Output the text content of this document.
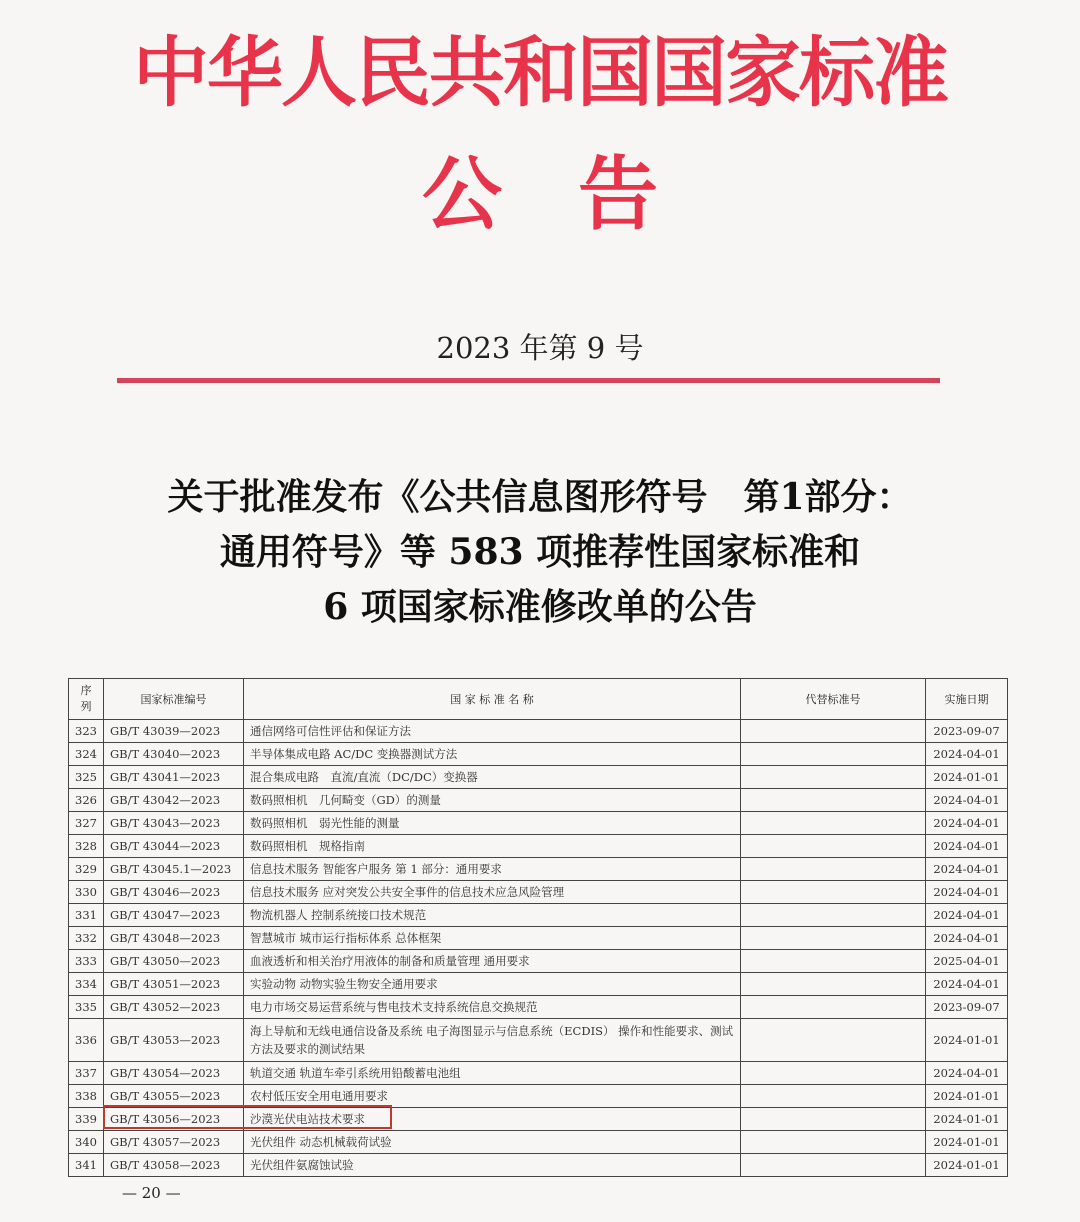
中华人民共和国国家标准
公告
2023 年第 9 号
关于批准发布《公共信息图形符号　第1部分：
通用符号》等 583 项推荐性国家标准和
6 项国家标准修改单的公告
序
列	国家标准编号	国 家 标 准 名 称	代替标准号	实施日期
323	GB/T 43039—2023	通信网络可信性评估和保证方法		2023-09-07
324	GB/T 43040—2023	半导体集成电路 AC/DC 变换器测试方法		2024-04-01
325	GB/T 43041—2023	混合集成电路　直流/直流（DC/DC）变换器		2024-01-01
326	GB/T 43042—2023	数码照相机　几何畸变（GD）的测量		2024-04-01
327	GB/T 43043—2023	数码照相机　弱光性能的测量		2024-04-01
328	GB/T 43044—2023	数码照相机　规格指南		2024-04-01
329	GB/T 43045.1—2023	信息技术服务 智能客户服务 第 1 部分：通用要求		2024-04-01
330	GB/T 43046—2023	信息技术服务 应对突发公共安全事件的信息技术应急风险管理		2024-04-01
331	GB/T 43047—2023	物流机器人 控制系统接口技术规范		2024-04-01
332	GB/T 43048—2023	智慧城市 城市运行指标体系 总体框架		2024-04-01
333	GB/T 43050—2023	血液透析和相关治疗用液体的制备和质量管理 通用要求		2025-04-01
334	GB/T 43051—2023	实验动物 动物实验生物安全通用要求		2024-04-01
335	GB/T 43052—2023	电力市场交易运营系统与售电技术支持系统信息交换规范		2023-09-07
336	GB/T 43053—2023	海上导航和无线电通信设备及系统 电子海图显示与信息系统（ECDIS） 操作和性能要求、测试方法及要求的测试结果		2024-01-01
337	GB/T 43054—2023	轨道交通 轨道车牵引系统用铅酸蓄电池组		2024-04-01
338	GB/T 43055—2023	农村低压安全用电通用要求		2024-01-01
339	GB/T 43056—2023	沙漠光伏电站技术要求		2024-01-01
340	GB/T 43057—2023	光伏组件 动态机械载荷试验		2024-01-01
341	GB/T 43058—2023	光伏组件氨腐蚀试验		2024-01-01
— 20 —
